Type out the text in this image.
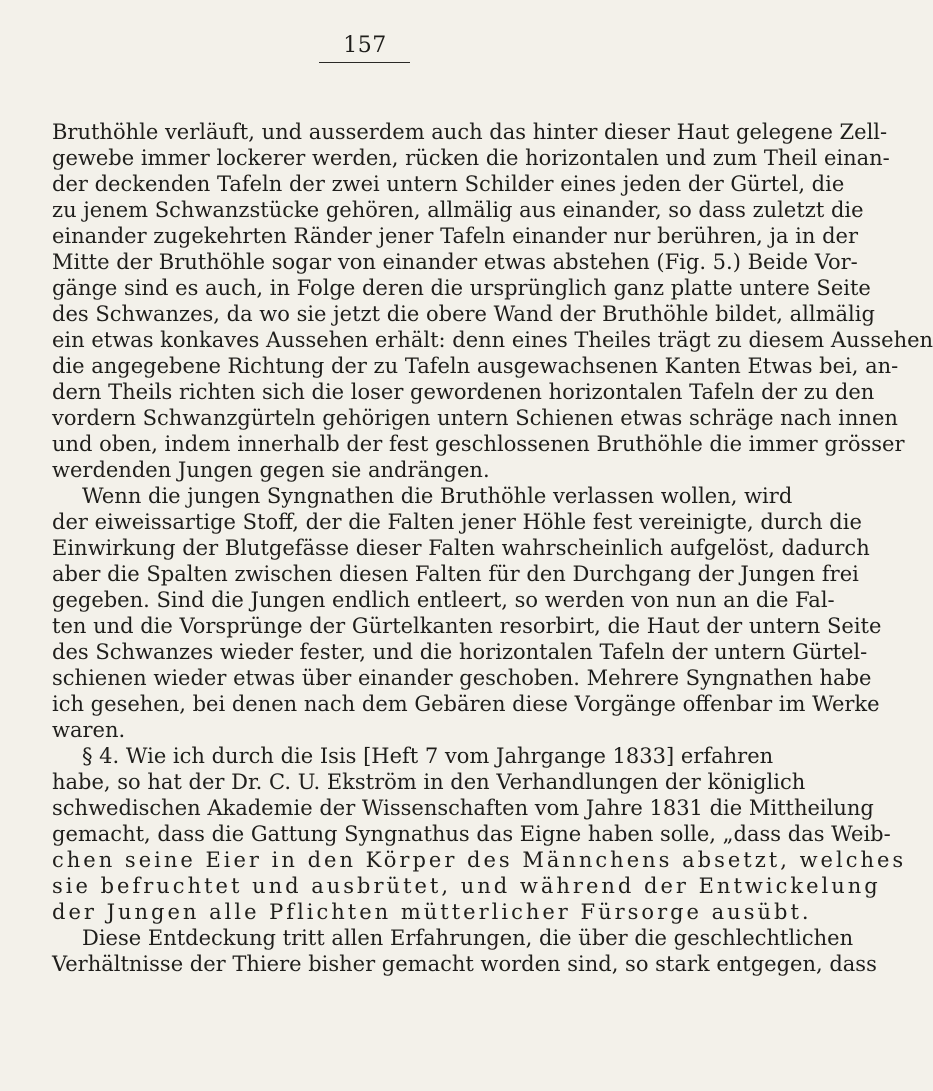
157
Bruthöhle verläuft, und ausserdem auch das hinter dieser Haut gelegene Zell-
gewebe immer lockerer werden, rücken die horizontalen und zum Theil einan-
der deckenden Tafeln der zwei untern Schilder eines jeden der Gürtel, die
zu jenem Schwanzstücke gehören, allmälig aus einander, so dass zuletzt die
einander zugekehrten Ränder jener Tafeln einander nur berühren, ja in der
Mitte der Bruthöhle sogar von einander etwas abstehen (Fig. 5.) Beide Vor-
gänge sind es auch, in Folge deren die ursprünglich ganz platte untere Seite
des Schwanzes, da wo sie jetzt die obere Wand der Bruthöhle bildet, allmälig
ein etwas konkaves Aussehen erhält: denn eines Theiles trägt zu diesem Aussehen
die angegebene Richtung der zu Tafeln ausgewachsenen Kanten Etwas bei, an-
dern Theils richten sich die loser gewordenen horizontalen Tafeln der zu den
vordern Schwanzgürteln gehörigen untern Schienen etwas schräge nach innen
und oben, indem innerhalb der fest geschlossenen Bruthöhle die immer grösser
werdenden Jungen gegen sie andrängen.
Wenn die jungen Syngnathen die Bruthöhle verlassen wollen, wird
der eiweissartige Stoff, der die Falten jener Höhle fest vereinigte, durch die
Einwirkung der Blutgefässe dieser Falten wahrscheinlich aufgelöst, dadurch
aber die Spalten zwischen diesen Falten für den Durchgang der Jungen frei
gegeben. Sind die Jungen endlich entleert, so werden von nun an die Fal-
ten und die Vorsprünge der Gürtelkanten resorbirt, die Haut der untern Seite
des Schwanzes wieder fester, und die horizontalen Tafeln der untern Gürtel-
schienen wieder etwas über einander geschoben. Mehrere Syngnathen habe
ich gesehen, bei denen nach dem Gebären diese Vorgänge offenbar im Werke
waren.
§ 4. Wie ich durch die Isis [Heft 7 vom Jahrgange 1833] erfahren
habe, so hat der Dr. C. U. Ekström in den Verhandlungen der königlich
schwedischen Akademie der Wissenschaften vom Jahre 1831 die Mittheilung
gemacht, dass die Gattung Syngnathus das Eigne haben solle, „dass das Weib-
chen seine Eier in den Körper des Männchens absetzt, welches
sie befruchtet und ausbrütet, und während der Entwickelung
der Jungen alle Pflichten mütterlicher Fürsorge ausübt.
Diese Entdeckung tritt allen Erfahrungen, die über die geschlechtlichen
Verhältnisse der Thiere bisher gemacht worden sind, so stark entgegen, dass
